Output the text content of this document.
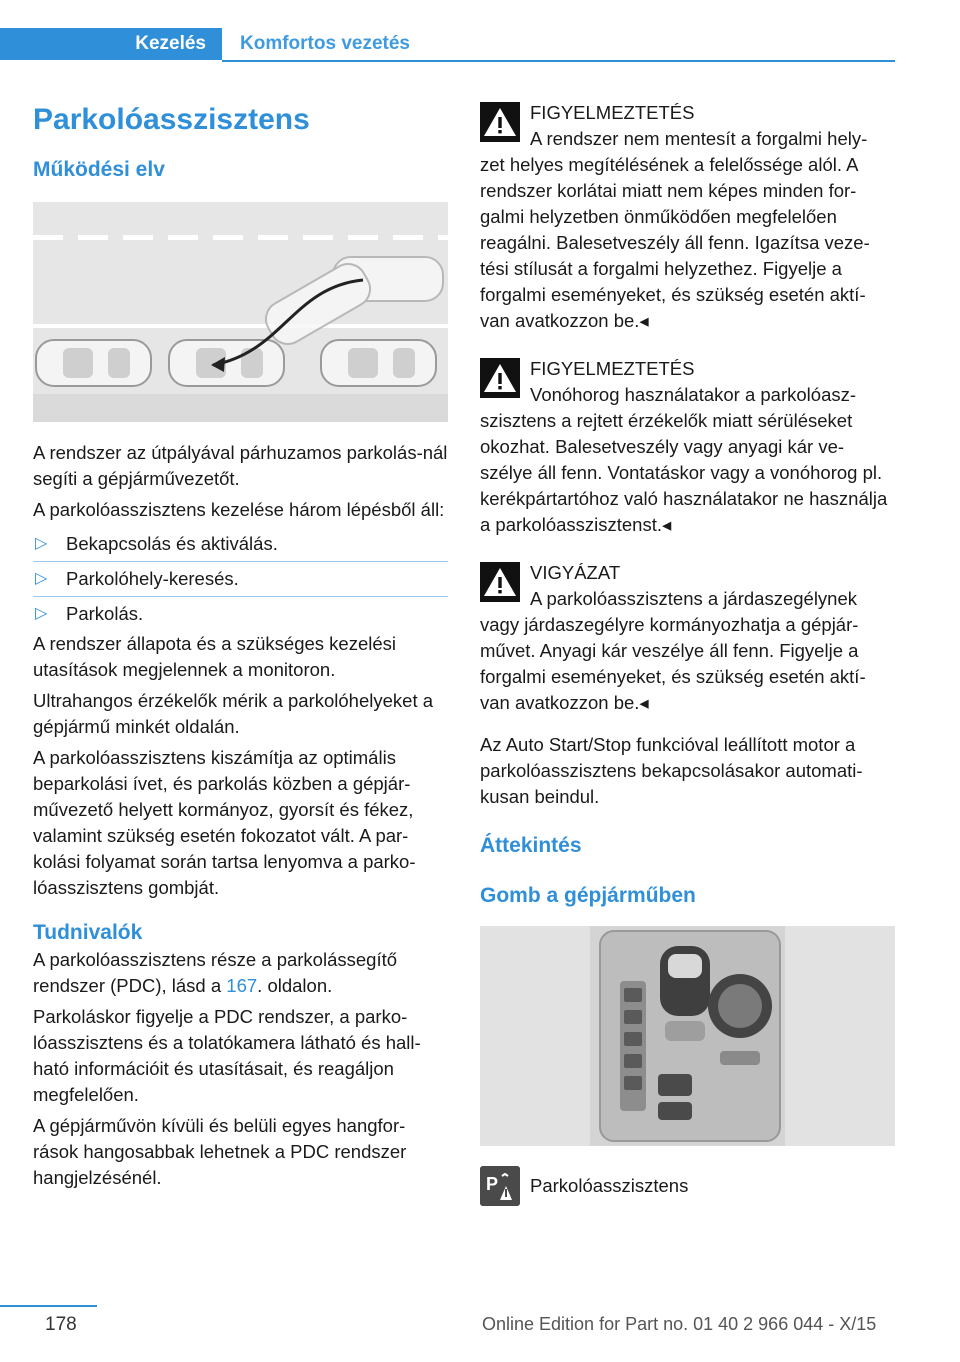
Kezelés	Komfortos vezetés
Parkolóasszisztens
Működési elv

A rendszer az útpályával párhuzamos parkolás-nál segíti a gépjárművezetőt.

A parkolóasszisztens kezelése három lépésből áll:

▷ Bekapcsolás és aktiválás.
▷ Parkolóhely-keresés.
▷ Parkolás.

A rendszer állapota és a szükséges kezelési utasítások megjelennek a monitoron.

Ultrahangos érzékelők mérik a parkolóhelyeket a gépjármű minkét oldalán.

A parkolóasszisztens kiszámítja az optimális beparkolási ívet, és parkolás közben a gépjár-művezető helyett kormányoz, gyorsít és fékez, valamint szükség esetén fokozatot vált. A par-kolási folyamat során tartsa lenyomva a parko-lóasszisztens gombját.

Tudnivalók

A parkolóasszisztens része a parkolássegítő rendszer (PDC), lásd a 167. oldalon.

Parkoláskor figyelje a PDC rendszer, a parko-lóasszisztens és a tolatókamera látható és hall-ható információit és utasításait, és reagáljon megfelelően.

A gépjárművön kívüli és belüli egyes hangfor-rások hangosabbak lehetnek a PDC rendszer hangjelzésénél.

FIGYELMEZTETÉS

A rendszer nem mentesít a forgalmi hely-

zet helyes megítélésének a felelőssége alól. A rendszer korlátai miatt nem képes minden for-galmi helyzetben önműködően megfelelően reagálni. Balesetveszély áll fenn. Igazítsa veze-tési stílusát a forgalmi helyzethez. Figyelje a forgalmi eseményeket, és szükség esetén aktí-van avatkozzon be.◂

FIGYELMEZTETÉS

Vonóhorog használatakor a parkolóasz-

szisztens a rejtett érzékelők miatt sérüléseket okozhat. Balesetveszély vagy anyagi kár ve-szélye áll fenn. Vontatáskor vagy a vonóhorog pl. kerékpártartóhoz való használatakor ne használja a parkolóasszisztenst.◂

VIGYÁZAT

A parkolóasszisztens a járdaszegélynek

vagy járdaszegélyre kormányozhatja a gépjár-művet. Anyagi kár veszélye áll fenn. Figyelje a forgalmi eseményeket, és szükség esetén aktí-van avatkozzon be.◂

Az Auto Start/Stop funkcióval leállított motor a parkolóasszisztens bekapcsolásakor automati-kusan beindul.

Áttekintés
Gomb a gépjárműben
P Parkolóasszisztens
178	Online Edition for Part no. 01 40 2 966 044 - X/15
